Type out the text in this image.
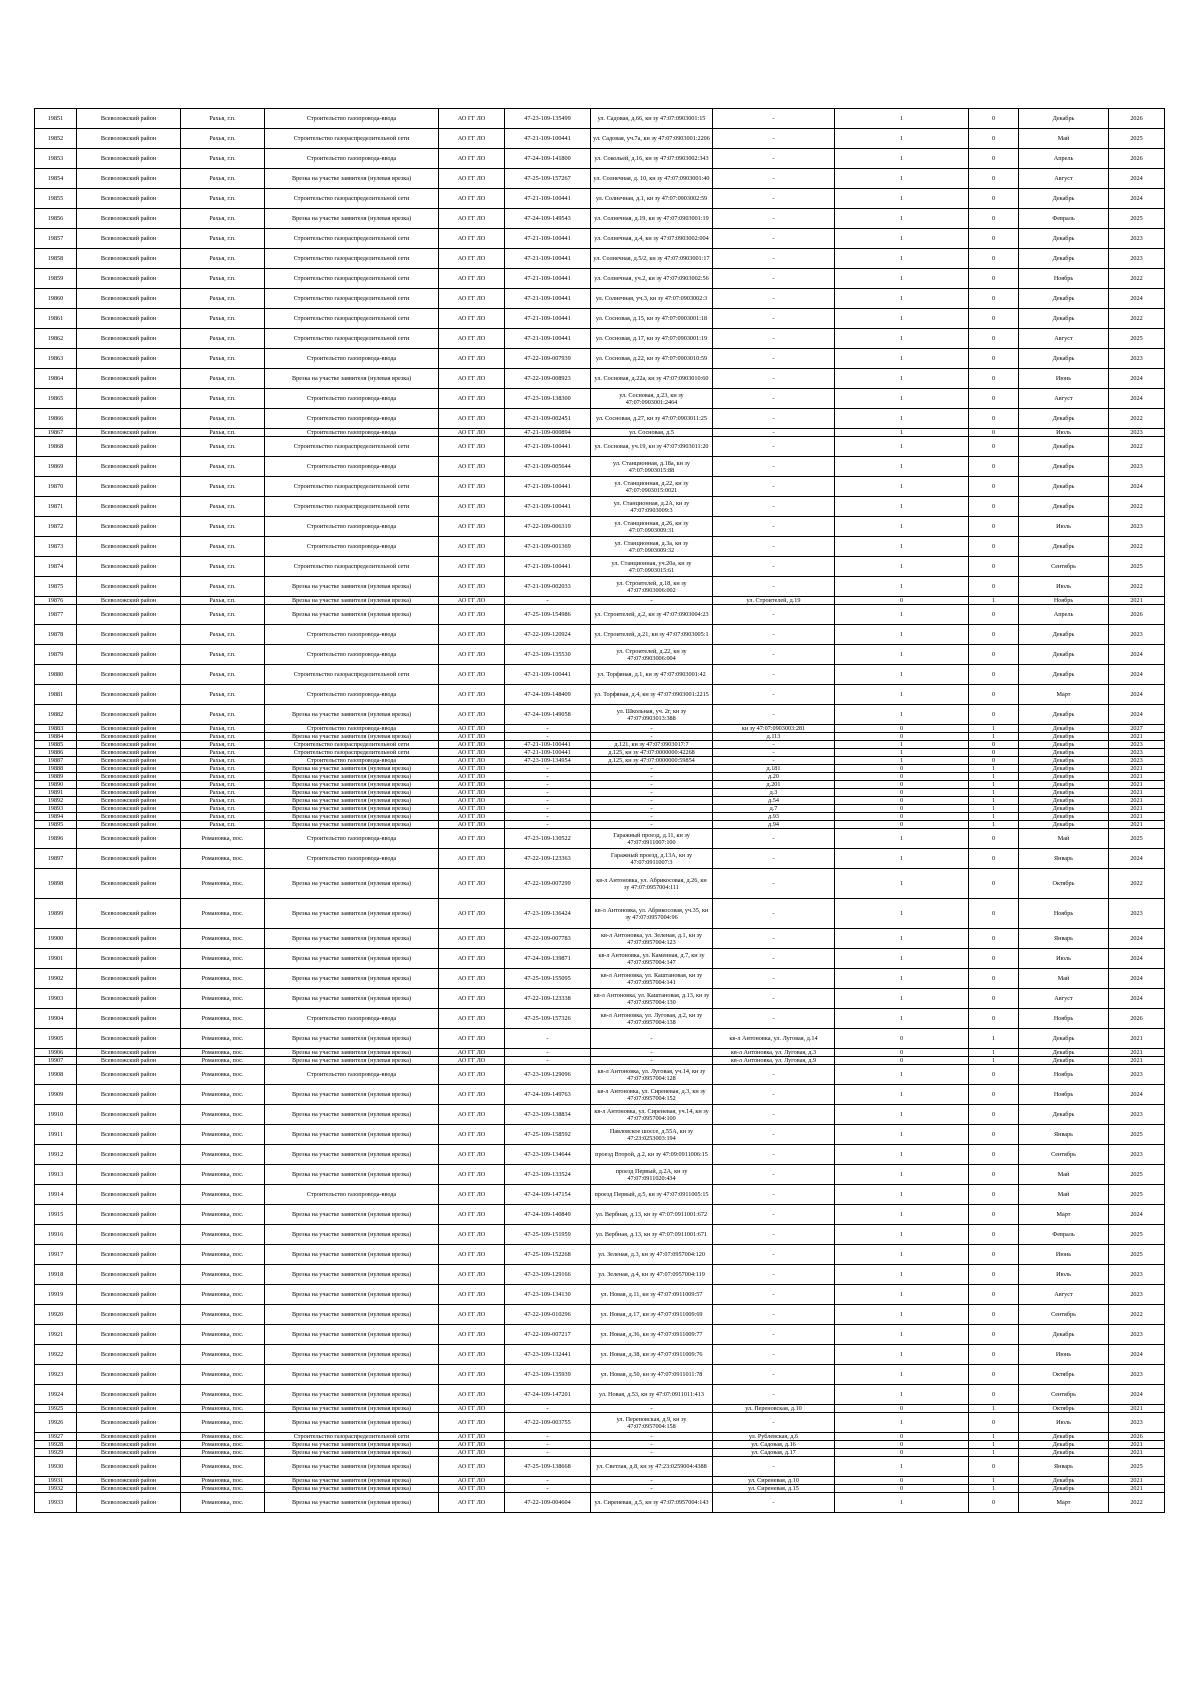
19851	Всеволожский район	Рахья, г.п.	Строительство газопровода-ввода	АО ГГ ЛО	47-23-109-135499	ул. Садовая, д.66, кн зу 47:07:0903001:15	-	1	0	Декабрь	2026
19852	Всеволожский район	Рахья, г.п.	Строительство газораспределительной сети	АО ГГ ЛО	47-21-109-100441	ул. Садовая, уч.7а, кн зу 47:07:0903001:2206	-	1	0	Май	2025
19853	Всеволожский район	Рахья, г.п.	Строительство газопровода-ввода	АО ГГ ЛО	47-24-109-141800	ул. Сокольей, д.16, кн зу 47:07:0903002:343	-	1	0	Апрель	2026
19854	Всеволожский район	Рахья, г.п.	Врезка на участке заявителя (нулевая врезка)	АО ГГ ЛО	47-25-109-157267	ул. Солнечная, д. 10, кн зу 47:07:0903001:40	-	1	0	Август	2024
19855	Всеволожский район	Рахья, г.п.	Строительство газораспределительной сети	АО ГГ ЛО	47-21-109-100441	ул. Солнечная, д.1, кн зу 47:07:0903002:59	-	1	0	Декабрь	2024
19856	Всеволожский район	Рахья, г.п.	Врезка на участке заявителя (нулевая врезка)	АО ГГ ЛО	47-24-109-149543	ул. Солнечная, д.19, кн зу 47:07:0903001:19	-	1	0	Февраль	2025
19857	Всеволожский район	Рахья, г.п.	Строительство газораспределительной сети	АО ГГ ЛО	47-21-109-100441	ул. Солнечная, д.4, кн зу 47:07:0903002:004	-	1	0	Декабрь	2023
19858	Всеволожский район	Рахья, г.п.	Строительство газораспределительной сети	АО ГГ ЛО	47-21-109-100441	ул. Солнечная, д.5/2, кн зу 47:07:0903001:17	-	1	0	Декабрь	2023
19859	Всеволожский район	Рахья, г.п.	Строительство газораспределительной сети	АО ГГ ЛО	47-21-109-100441	ул. Солнечная, уч.2, кн зу 47:07:0903002:56	-	1	0	Ноябрь	2022
19860	Всеволожский район	Рахья, г.п.	Строительство газораспределительной сети	АО ГГ ЛО	47-21-109-100441	ул. Солнечная, уч.3, кн зу 47:07:0903002:3	-	1	0	Декабрь	2024
19861	Всеволожский район	Рахья, г.п.	Строительство газораспределительной сети	АО ГГ ЛО	47-21-109-100441	ул. Сосновая, д.15, кн зу 47:07:0903001:18	-	1	0	Декабрь	2022
19862	Всеволожский район	Рахья, г.п.	Строительство газораспределительной сети	АО ГГ ЛО	47-21-109-100441	ул. Сосновая, д.17, кн зу 47:07:0903001:19	-	1	0	Август	2025
19863	Всеволожский район	Рахья, г.п.	Строительство газопровода-ввода	АО ГГ ЛО	47-22-109-007939	ул. Сосновая, д.22, кн зу 47:07:0903010:59	-	1	0	Декабрь	2023
19864	Всеволожский район	Рахья, г.п.	Врезка на участке заявителя (нулевая врезка)	АО ГГ ЛО	47-22-109-008923	ул. Сосновая, д.22а, кн зу 47:07:0903010:60	-	1	0	Июнь	2024
19865	Всеволожский район	Рахья, г.п.	Строительство газопровода-ввода	АО ГГ ЛО	47-23-109-138300	ул. Сосновая, д.23, кн зу 47:07:0903001:2464	-	1	0	Август	2024
19866	Всеволожский район	Рахья, г.п.	Строительство газопровода-ввода	АО ГГ ЛО	47-21-109-002451	ул. Сосновая, д.27, кн зу 47:07:0903011:25	-	1	0	Декабрь	2022
19867	Всеволожский район	Рахья, г.п.	Строительство газопровода-ввода	АО ГГ ЛО	47-21-109-000894	ул. Сосновая, д.5	-	1	0	Июль	2023
19868	Всеволожский район	Рахья, г.п.	Строительство газораспределительной сети	АО ГГ ЛО	47-21-109-100441	ул. Сосновая, уч.19, кн зу 47:07:0903011:20	-	1	0	Декабрь	2022
19869	Всеволожский район	Рахья, г.п.	Строительство газопровода-ввода	АО ГГ ЛО	47-21-109-005644	ул. Станционная, д.18а, кн зу 47:07:0903015:88	-	1	0	Декабрь	2023
19870	Всеволожский район	Рахья, г.п.	Строительство газораспределительной сети	АО ГГ ЛО	47-21-109-100441	ул. Станционная, д.22, кн зу 47:07:0903015:0021	-	1	0	Декабрь	2024
19871	Всеволожский район	Рахья, г.п.	Строительство газораспределительной сети	АО ГГ ЛО	47-21-109-100441	ул. Станционная, д.2А, кн зу 47:07:0903009:3	-	1	0	Декабрь	2022
19872	Всеволожский район	Рахья, г.п.	Строительство газопровода-ввода	АО ГГ ЛО	47-22-109-006319	ул. Станционная, д.26, кн зу 47:07:0903009:31	-	1	0	Июль	2023
19873	Всеволожский район	Рахья, г.п.	Строительство газопровода-ввода	АО ГГ ЛО	47-21-109-001369	ул. Станционная, д.3а, кн зу 47:07:0903009:32	-	1	0	Декабрь	2022
19874	Всеволожский район	Рахья, г.п.	Строительство газораспределительной сети	АО ГГ ЛО	47-21-109-100441	ул. Станционная, уч.20а, кн зу 47:07:0903015:61	-	1	0	Сентябрь	2025
19875	Всеволожский район	Рахья, г.п.	Врезка на участке заявителя (нулевая врезка)	АО ГГ ЛО	47-21-109-002033	ул. Строителей, д.18, кн зу 47:07:0903006:002	-	1	0	Июль	2022
19876	Всеволожский район	Рахья, г.п.	Врезка на участке заявителя (нулевая врезка)	АО ГГ ЛО	-	-	ул. Строителей, д.19	0	1	Ноябрь	2021
19877	Всеволожский район	Рахья, г.п.	Врезка на участке заявителя (нулевая врезка)	АО ГГ ЛО	47-25-109-154986	ул. Строителей, д.2, кн зу 47:07:0903004:23	-	1	0	Апрель	2026
19878	Всеволожский район	Рахья, г.п.	Строительство газопровода-ввода	АО ГГ ЛО	47-22-109-120924	ул. Строителей, д.21, кн зу 47:07:0903005:1	-	1	0	Декабрь	2023
19879	Всеволожский район	Рахья, г.п.	Строительство газопровода-ввода	АО ГГ ЛО	47-23-109-135530	ул. Строителей, д.22, кн зу 47:07:0903006:004	-	1	0	Декабрь	2024
19880	Всеволожский район	Рахья, г.п.	Строительство газораспределительной сети	АО ГГ ЛО	47-21-109-100441	ул. Торфяная, д.1, кн зу 47:07:0903001:42	-	1	0	Декабрь	2024
19881	Всеволожский район	Рахья, г.п.	Строительство газопровода-ввода	АО ГГ ЛО	47-24-109-148409	ул. Торфяная, д.4, кн зу 47:07:0903001:2215	-	1	0	Март	2024
19882	Всеволожский район	Рахья, г.п.	Врезка на участке заявителя (нулевая врезка)	АО ГГ ЛО	47-24-109-149058	ул. Школьная, уч. 2г, кн зу 47:07:0903013:388	-	1	0	Декабрь	2024
19883	Всеволожский район	Рахья, г.п.	Строительство газопровода-ввода	АО ГГ ЛО	-	-	кн зу 47:07:0903003:281	0	1	Декабрь	2027
19884	Всеволожский район	Рахья, г.п.	Врезка на участке заявителя (нулевая врезка)	АО ГГ ЛО	-	-	д.113	0	1	Декабрь	2021
19885	Всеволожский район	Рахья, г.п.	Строительство газораспределительной сети	АО ГГ ЛО	47-21-109-100441	д.121, кн зу 47:07:0903017:7	-	1	0	Декабрь	2023
19886	Всеволожский район	Рахья, г.п.	Строительство газораспределительной сети	АО ГГ ЛО	47-21-109-100441	д.125, кн зу 47:07:0000000:42268	-	1	0	Декабрь	2023
19887	Всеволожский район	Рахья, г.п.	Строительство газопровода-ввода	АО ГГ ЛО	47-23-109-134954	д.125, кн зу 47:07:0000000:59854	-	1	0	Декабрь	2023
19888	Всеволожский район	Рахья, г.п.	Врезка на участке заявителя (нулевая врезка)	АО ГГ ЛО	-	-	д.181	0	1	Декабрь	2021
19889	Всеволожский район	Рахья, г.п.	Врезка на участке заявителя (нулевая врезка)	АО ГГ ЛО	-	-	д.20	0	1	Декабрь	2021
19890	Всеволожский район	Рахья, г.п.	Врезка на участке заявителя (нулевая врезка)	АО ГГ ЛО	-	-	д.201	0	1	Декабрь	2021
19891	Всеволожский район	Рахья, г.п.	Врезка на участке заявителя (нулевая врезка)	АО ГГ ЛО	-	-	д.3	0	1	Декабрь	2021
19892	Всеволожский район	Рахья, г.п.	Врезка на участке заявителя (нулевая врезка)	АО ГГ ЛО	-	-	д.54	0	1	Декабрь	2021
19893	Всеволожский район	Рахья, г.п.	Врезка на участке заявителя (нулевая врезка)	АО ГГ ЛО	-	-	д.7	0	1	Декабрь	2021
19894	Всеволожский район	Рахья, г.п.	Врезка на участке заявителя (нулевая врезка)	АО ГГ ЛО	-	-	д.93	0	1	Декабрь	2021
19895	Всеволожский район	Рахья, г.п.	Врезка на участке заявителя (нулевая врезка)	АО ГГ ЛО	-	-	д.94	0	1	Декабрь	2021
19896	Всеволожский район	Романовка, пос.	Строительство газопровода-ввода	АО ГГ ЛО	47-23-109-130522	Гаражный проезд, д.11, кн зу 47:07:0911007:100	-	1	0	Май	2025
19897	Всеволожский район	Романовка, пос.	Строительство газопровода-ввода	АО ГГ ЛО	47-22-109-123363	Гаражный проезд, д.13А, кн зу 47:07:0911007:3	-	1	0	Январь	2024
19898	Всеволожский район	Романовка, пос.	Врезка на участке заявителя (нулевая врезка)	АО ГГ ЛО	47-22-109-007299	кв-л Антоновка, ул. Абрикосовая, д.26, кн зу 47:07:0957004:111	-	1	0	Октябрь	2022
19899	Всеволожский район	Романовка, пос.	Врезка на участке заявителя (нулевая врезка)	АО ГГ ЛО	47-23-109-136424	кв-л Антоновка, ул. Абрикосовая, уч.35, кн зу 47:07:0957004:96	-	1	0	Ноябрь	2023
19900	Всеволожский район	Романовка, пос.	Врезка на участке заявителя (нулевая врезка)	АО ГГ ЛО	47-22-109-007783	кв-л Антоновка, ул. Зеленая, д.1, кн зу 47:07:0957004:123	-	1	0	Январь	2024
19901	Всеволожский район	Романовка, пос.	Врезка на участке заявителя (нулевая врезка)	АО ГГ ЛО	47-24-109-139871	кв-л Антоновка, ул. Каменная, д.7, кн зу 47:07:0957004:147	-	1	0	Июль	2024
19902	Всеволожский район	Романовка, пос.	Врезка на участке заявителя (нулевая врезка)	АО ГГ ЛО	47-25-109-155095	кв-л Антоновка, ул. Каштановая, кн зу 47:07:0957004:141	-	1	0	Май	2024
19903	Всеволожский район	Романовка, пос.	Врезка на участке заявителя (нулевая врезка)	АО ГГ ЛО	47-22-109-123338	кв-л Антоновка, ул. Каштановая, д.13, кн зу 47:07:0957004:130	-	1	0	Август	2024
19904	Всеволожский район	Романовка, пос.	Строительство газопровода-ввода	АО ГГ ЛО	47-25-109-157326	кв-л Антоновка, ул. Луговая, д.2, кн зу 47:07:0957004:138	-	1	0	Ноябрь	2026
19905	Всеволожский район	Романовка, пос.	Врезка на участке заявителя (нулевая врезка)	АО ГГ ЛО	-	-	кв-л Антоновка, ул. Луговая, д.14	0	1	Декабрь	2021
19906	Всеволожский район	Романовка, пос.	Врезка на участке заявителя (нулевая врезка)	АО ГГ ЛО	-	-	кв-л Антоновка, ул. Луговая, д.3	0	1	Декабрь	2021
19907	Всеволожский район	Романовка, пос.	Врезка на участке заявителя (нулевая врезка)	АО ГГ ЛО	-	-	кв-л Антоновка, ул. Луговая, д.9	0	1	Декабрь	2021
19908	Всеволожский район	Романовка, пос.	Строительство газопровода-ввода	АО ГГ ЛО	47-23-109-129096	кв-л Антоновка, ул. Луговая, уч.14, кн зу 47:07:0957004:128	-	1	0	Ноябрь	2023
19909	Всеволожский район	Романовка, пос.	Врезка на участке заявителя (нулевая врезка)	АО ГГ ЛО	47-24-109-149763	кв-л Антоновка, ул. Сиреневая, д.3, кн зу 47:07:0957004:152	-	1	0	Ноябрь	2024
19910	Всеволожский район	Романовка, пос.	Врезка на участке заявителя (нулевая врезка)	АО ГГ ЛО	47-23-109-138834	кв-л Антоновка, ул. Сиреневая, уч.14, кн зу 47:07:0957004:100	-	1	0	Декабрь	2023
19911	Всеволожский район	Романовка, пос.	Врезка на участке заявителя (нулевая врезка)	АО ГГ ЛО	47-25-109-158592	Павловское шоссе, д.55А, кн зу 47:23:0253003:194	-	1	0	Январь	2025
19912	Всеволожский район	Романовка, пос.	Врезка на участке заявителя (нулевая врезка)	АО ГГ ЛО	47-23-109-134644	проезд Второй, д.2, кн зу 47:09:0911006:15	-	1	0	Сентябрь	2023
19913	Всеволожский район	Романовка, пос.	Врезка на участке заявителя (нулевая врезка)	АО ГГ ЛО	47-23-109-133524	проезд Первый, д.2А, кн зу 47:07:0911020:434	-	1	0	Май	2025
19914	Всеволожский район	Романовка, пос.	Строительство газопровода-ввода	АО ГГ ЛО	47-24-109-147154	проезд Первый, д.5, кн зу 47:07:0911005:15	-	1	0	Май	2025
19915	Всеволожский район	Романовка, пос.	Врезка на участке заявителя (нулевая врезка)	АО ГГ ЛО	47-24-109-140849	ул. Вербная, д.13, кн зу 47:07:0911001:672	-	1	0	Март	2024
19916	Всеволожский район	Романовка, пос.	Врезка на участке заявителя (нулевая врезка)	АО ГГ ЛО	47-25-109-151959	ул. Вербная, д.13, кн зу 47:07:0911001:671	-	1	0	Февраль	2025
19917	Всеволожский район	Романовка, пос.	Врезка на участке заявителя (нулевая врезка)	АО ГГ ЛО	47-25-109-152268	ул. Зеленая, д.3, кн зу 47:07:0957004:120	-	1	0	Июнь	2025
19918	Всеволожский район	Романовка, пос.	Врезка на участке заявителя (нулевая врезка)	АО ГГ ЛО	47-23-109-129166	ул. Зеленая, д.4, кн зу 47:07:0957004:119	-	1	0	Июль	2023
19919	Всеволожский район	Романовка, пос.	Врезка на участке заявителя (нулевая врезка)	АО ГГ ЛО	47-23-109-134130	ул. Новая, д.11, кн зу 47:07:0911009:57	-	1	0	Август	2023
19920	Всеволожский район	Романовка, пос.	Врезка на участке заявителя (нулевая врезка)	АО ГГ ЛО	47-22-109-010296	ул. Новая, д.17, кн зу 47:07:0911009:69	-	1	0	Сентябрь	2022
19921	Всеволожский район	Романовка, пос.	Врезка на участке заявителя (нулевая врезка)	АО ГГ ЛО	47-22-109-007217	ул. Новая, д.36, кн зу 47:07:0911009:77	-	1	0	Декабрь	2023
19922	Всеволожский район	Романовка, пос.	Врезка на участке заявителя (нулевая врезка)	АО ГГ ЛО	47-23-109-132441	ул. Новая, д.38, кн зу 47:07:0911009:76	-	1	0	Июнь	2024
19923	Всеволожский район	Романовка, пос.	Врезка на участке заявителя (нулевая врезка)	АО ГГ ЛО	47-23-109-135939	ул. Новая, д.50, кн зу 47:07:0911011:78	-	1	0	Октябрь	2023
19924	Всеволожский район	Романовка, пос.	Врезка на участке заявителя (нулевая врезка)	АО ГГ ЛО	47-24-109-147201	ул. Новая, д.53, кн зу 47:07:0911011:413	-	1	0	Сентябрь	2024
19925	Всеволожский район	Романовка, пос.	Врезка на участке заявителя (нулевая врезка)	АО ГГ ЛО	-	-	ул. Переновская, д.10	0	1	Октябрь	2021
19926	Всеволожский район	Романовка, пос.	Врезка на участке заявителя (нулевая врезка)	АО ГГ ЛО	47-22-109-003755	ул. Переновская, д.9, кн зу 47:07:0957004:158	-	1	0	Июль	2023
19927	Всеволожский район	Романовка, пос.	Строительство газораспределительной сети	АО ГГ ЛО	-	-	ул. Рублевская, д.6	0	1	Декабрь	2026
19928	Всеволожский район	Романовка, пос.	Врезка на участке заявителя (нулевая врезка)	АО ГГ ЛО	-	-	ул. Садовая, д.16	0	1	Декабрь	2021
19929	Всеволожский район	Романовка, пос.	Врезка на участке заявителя (нулевая врезка)	АО ГГ ЛО	-	-	ул. Садовая, д.17	0	1	Декабрь	2021
19930	Всеволожский район	Романовка, пос.	Врезка на участке заявителя (нулевая врезка)	АО ГГ ЛО	47-25-109-138668	ул. Светлая, д.8, кн зу 47:23:0259004:4388	-	1	0	Январь	2025
19931	Всеволожский район	Романовка, пос.	Врезка на участке заявителя (нулевая врезка)	АО ГГ ЛО	-	-	ул. Сиреневая, д.10	0	1	Декабрь	2021
19932	Всеволожский район	Романовка, пос.	Врезка на участке заявителя (нулевая врезка)	АО ГГ ЛО	-	-	ул. Сиреневая, д.15	0	1	Декабрь	2021
19933	Всеволожский район	Романовка, пос.	Врезка на участке заявителя (нулевая врезка)	АО ГГ ЛО	47-22-109-004604	ул. Сиреневая, д.5, кн зу 47:07:0957004:143	-	1	0	Март	2022
